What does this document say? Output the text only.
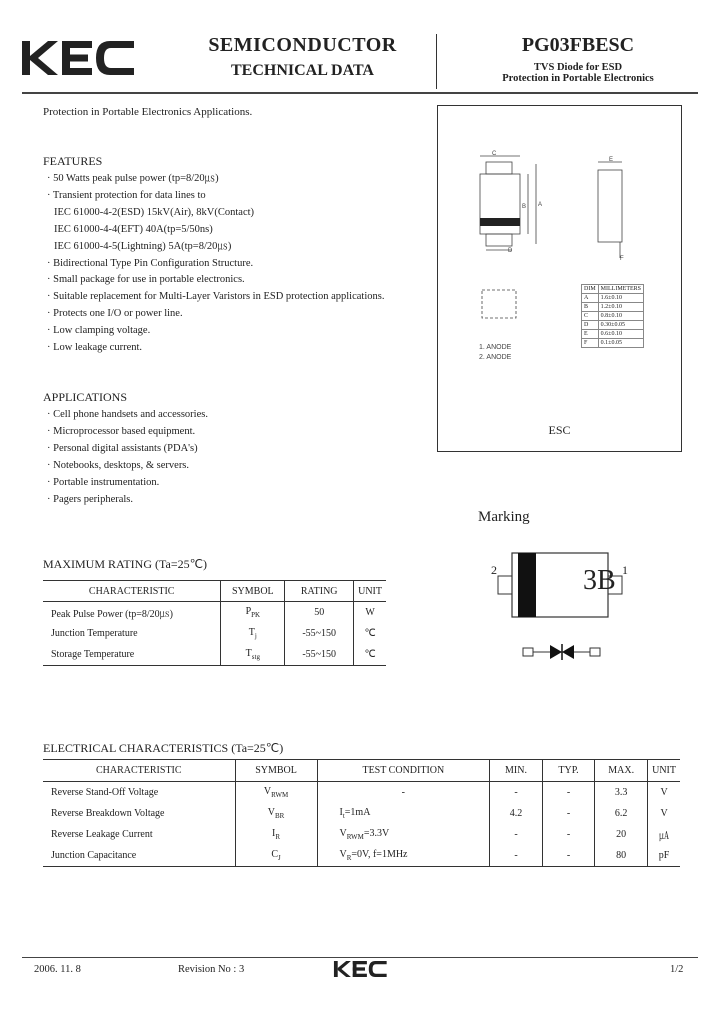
SEMICONDUCTOR
TECHNICAL DATA
PG03FBESC
TVS Diode for ESD
Protection in Portable Electronics
Protection in Portable Electronics Applications.
FEATURES
· 50 Watts peak pulse power (tp=8/20㎲)
· Transient protection for data lines to
IEC 61000-4-2(ESD) 15kV(Air), 8kV(Contact)
IEC 61000-4-4(EFT) 40A(tp=5/50ns)
IEC 61000-4-5(Lightning) 5A(tp=8/20㎲)
· Bidirectional Type Pin Configuration Structure.
· Small package for use in portable electronics.
· Suitable replacement for Multi-Layer Varistors in ESD protection applications.
· Protects one I/O or power line.
· Low clamping voltage.
· Low leakage current.
APPLICATIONS
· Cell phone handsets and accessories.
· Microprocessor based equipment.
· Personal digital assistants (PDA's)
· Notebooks, desktops, & servers.
· Portable instrumentation.
· Pagers peripherals.
C
E
B A
D
F
DIM	MILLIMETERS
A	1.6±0.10
B	1.2±0.10
C	0.8±0.10
D	0.30±0.05
E	0.6±0.10
F	0.1±0.05
1. ANODE
2. ANODE
ESC
Marking
3B
2	1
MAXIMUM RATING (Ta=25℃)
CHARACTERISTIC	SYMBOL	RATING	UNIT
Peak Pulse Power (tp=8/20㎲)	$P_{PK}$	50	W
Junction Temperature	$T_j$	-55~150	℃
Storage Temperature	$T_{stg}$	-55~150	℃
ELECTRICAL CHARACTERISTICS (Ta=25℃)
CHARACTERISTIC	SYMBOL	TEST CONDITION	MIN.	TYP.	MAX.	UNIT
Reverse Stand-Off Voltage	$V_{RWM}$	-	-	-	3.3	V
Reverse Breakdown Voltage	$V_{BR}$	$I_t=1mA$	4.2	-	6.2	V
Reverse Leakage Current	$I_R$	$V_{RWM}=3.3V$	-	-	20	㎂
Junction Capacitance	$C_J$	$V_R=0V$, f=1MHz	-	-	80	pF
2006. 11. 8	Revision No : 3	1/2
